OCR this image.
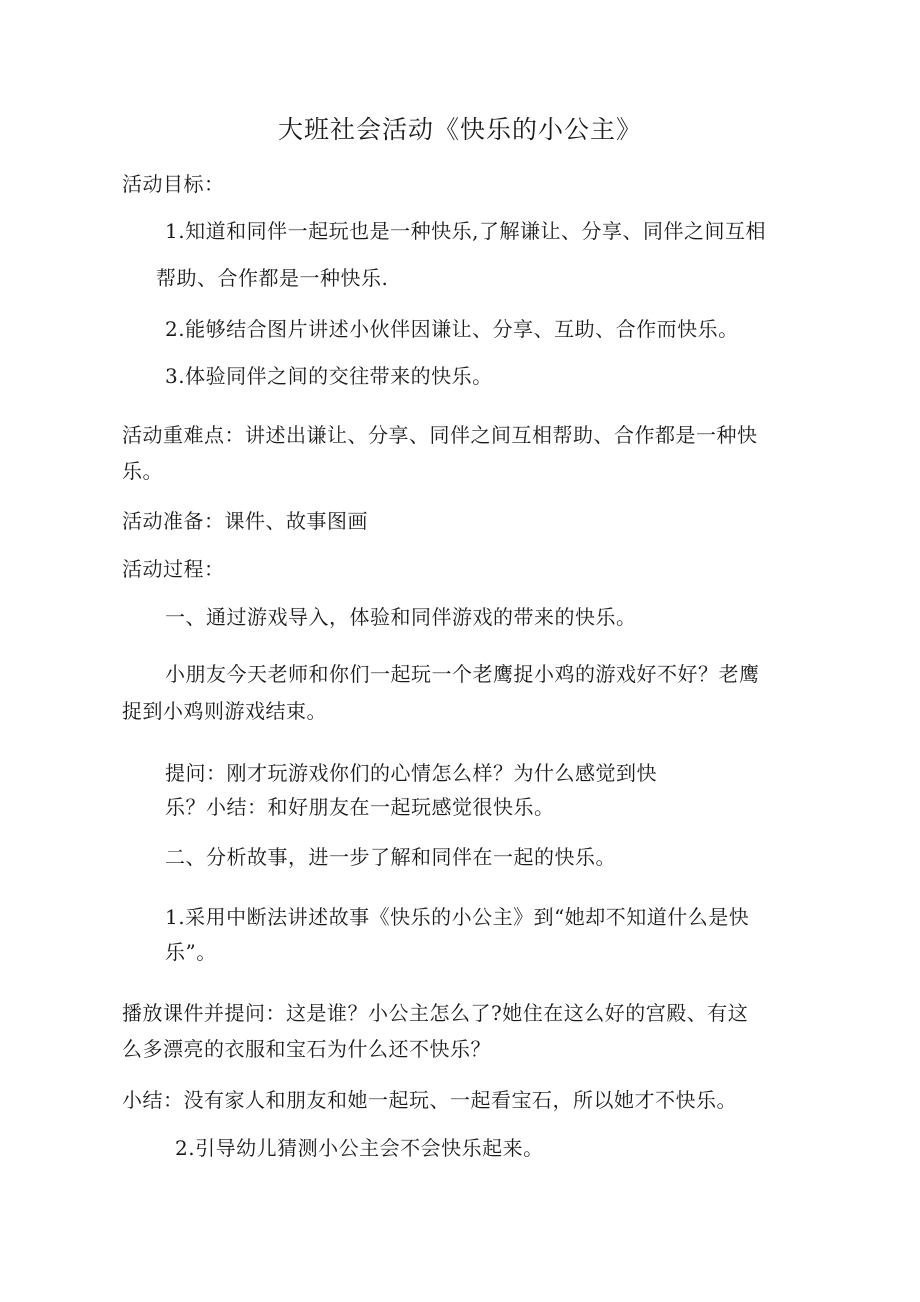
大班社会活动《快乐的小公主》
活动目标：
1.知道和同伴一起玩也是一种快乐,了解谦让、分享、同伴之间互相
帮助、合作都是一种快乐.
2.能够结合图片讲述小伙伴因谦让、分享、互助、合作而快乐。
3.体验同伴之间的交往带来的快乐。
活动重难点：讲述出谦让、分享、同伴之间互相帮助、合作都是一种快
乐。
活动准备：课件、故事图画
活动过程：
一、通过游戏导入，体验和同伴游戏的带来的快乐。
小朋友今天老师和你们一起玩一个老鹰捉小鸡的游戏好不好？老鹰
捉到小鸡则游戏结束。
提问：刚才玩游戏你们的心情怎么样？为什么感觉到快
乐？小结：和好朋友在一起玩感觉很快乐。
二、分析故事，进一步了解和同伴在一起的快乐。
1.采用中断法讲述故事《快乐的小公主》到“她却不知道什么是快
乐”。
播放课件并提问：这是谁？小公主怎么了?她住在这么好的宫殿、有这
么多漂亮的衣服和宝石为什么还不快乐？
小结：没有家人和朋友和她一起玩、一起看宝石，所以她才不快乐。
2.引导幼儿猜测小公主会不会快乐起来。
